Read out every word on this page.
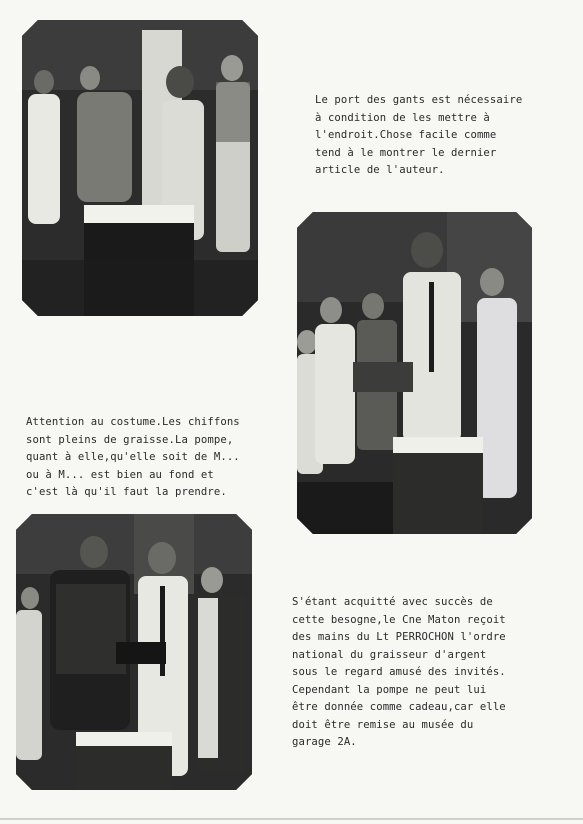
Le port des gants est nécessaire
à condition de les mettre à
l'endroit.Chose facile comme
tend à le montrer le dernier
article de l'auteur.
Attention au costume.Les chiffons
sont pleins de graisse.La pompe,
quant à elle,qu'elle soit de M...
ou à M... est bien au fond et
c'est là qu'il faut la prendre.
S'étant acquitté avec succès de
cette besogne,le Cne Maton reçoit
des mains du Lt PERROCHON l'ordre
national du graisseur d'argent
sous le regard amusé des invités.
Cependant la pompe ne peut lui
être donnée comme cadeau,car elle
doit être remise au musée du
garage 2A.
